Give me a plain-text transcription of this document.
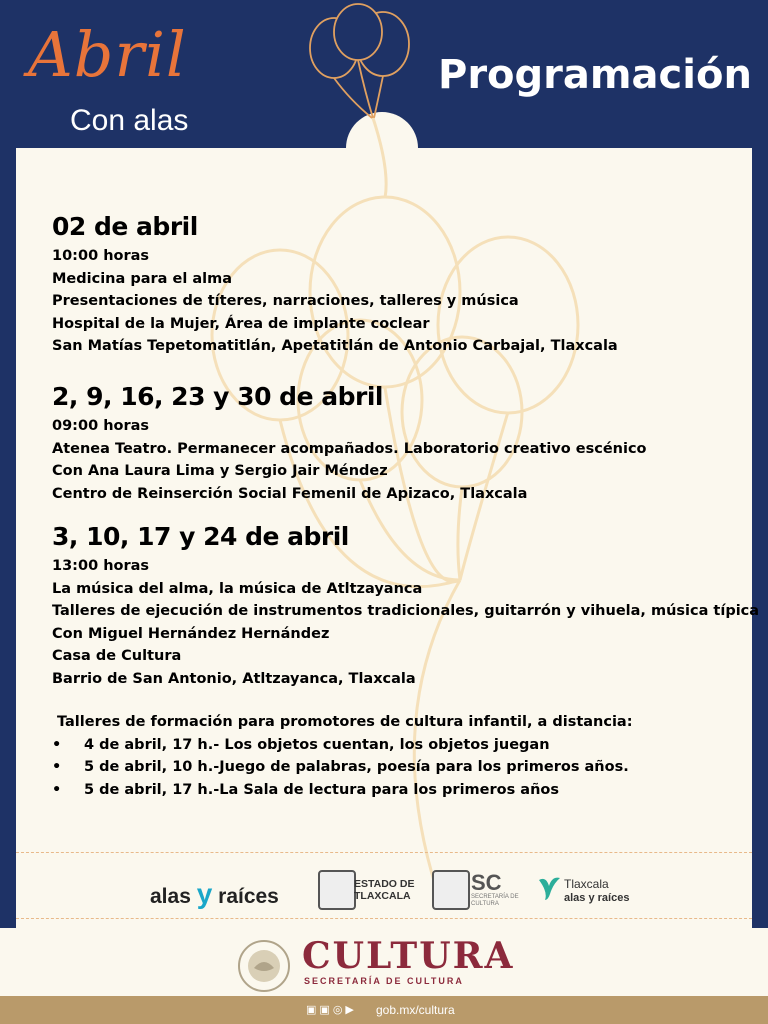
Abril
Con alas
Programación
02 de abril
10:00 horas
Medicina para el alma
Presentaciones de títeres, narraciones, talleres y música
Hospital de la Mujer, Área de implante coclear
San Matías Tepetomatitlán, Apetatitlán de Antonio Carbajal, Tlaxcala
2, 9, 16, 23 y 30 de abril
09:00 horas
Atenea Teatro. Permanecer acompañados. Laboratorio creativo escénico
Con Ana Laura Lima y Sergio Jair Méndez
Centro de Reinserción Social Femenil de Apizaco, Tlaxcala
3, 10, 17 y 24 de abril
13:00 horas
La música del alma, la música de Atltzayanca
Talleres de ejecución de instrumentos tradicionales, guitarrón y vihuela, música típica
Con Miguel Hernández Hernández
Casa de Cultura
Barrio de San Antonio, Atltzayanca, Tlaxcala
Talleres de formación para promotores de cultura infantil, a distancia:
• 4 de abril, 17 h.- Los objetos cuentan, los objetos juegan
• 5 de abril, 10 h.-Juego de palabras, poesía para los primeros años.
• 5 de abril, 17 h.-La Sala de lectura para los primeros años
alas y raíces
ESTADO DE
TLAXCALA
SC
SECRETARÍA DE
CULTURA
Tlaxcala
alas y raíces
CULTURA
SECRETARÍA DE CULTURA
▣▣◎▶ gob.mx/cultura
